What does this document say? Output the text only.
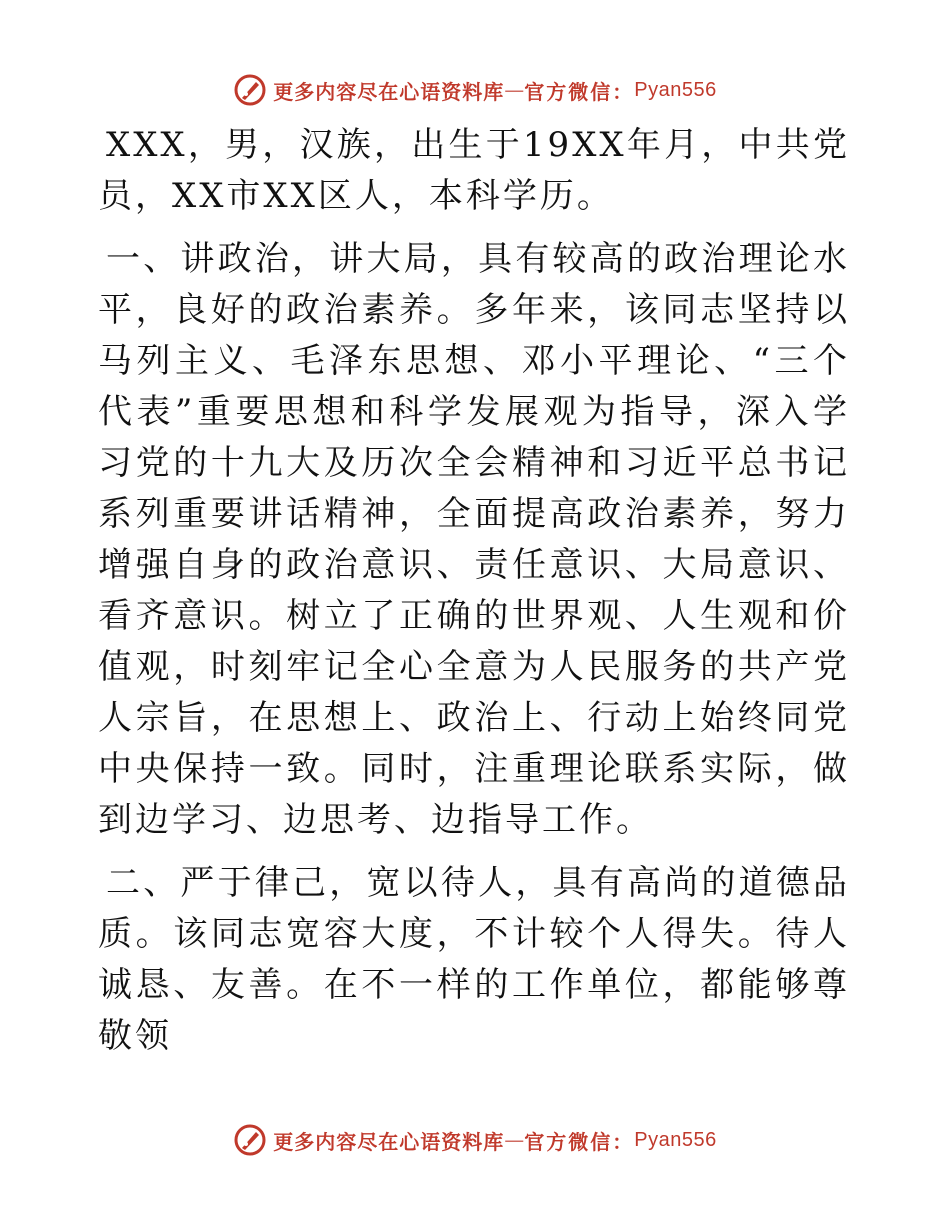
更多内容尽在心语资料库 — 官方微信： Pyan556

XXX，男，汉族，出生于19XX年月，中共党员，XX市XX区人，本科学历。

一、讲政治，讲大局，具有较高的政治理论水平，良好的政治素养。多年来，该同志坚持以马列主义、毛泽东思想、邓小平理论、“三个代表”重要思想和科学发展观为指导，深入学习党的十九大及历次全会精神和习近平总书记系列重要讲话精神，全面提高政治素养，努力增强自身的政治意识、责任意识、大局意识、看齐意识。树立了正确的世界观、人生观和价值观，时刻牢记全心全意为人民服务的共产党人宗旨，在思想上、政治上、行动上始终同党中央保持一致。同时，注重理论联系实际，做到边学习、边思考、边指导工作。

二、严于律己，宽以待人，具有高尚的道德品质。该同志宽容大度，不计较个人得失。待人诚恳、友善。在不一样的工作单位，都能够尊敬领

更多内容尽在心语资料库 — 官方微信： Pyan556
